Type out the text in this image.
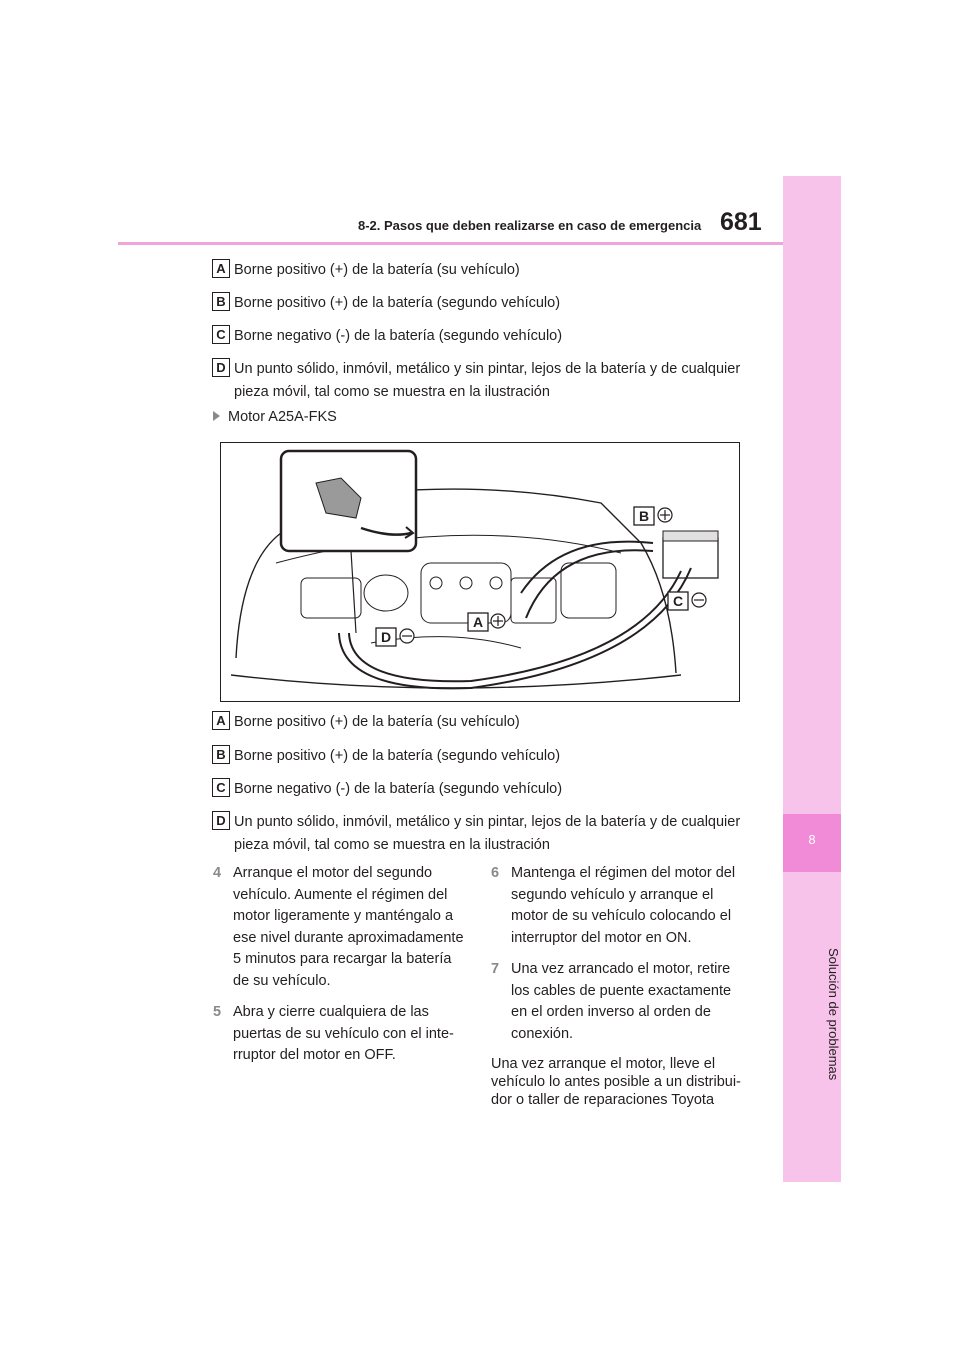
8-2. Pasos que deben realizarse en caso de emergencia 681
8
Solución de problemas
A Borne positivo (+) de la batería (su vehículo)
B Borne positivo (+) de la batería (segundo vehículo)
C Borne negativo (-) de la batería (segundo vehículo)
D Un punto sólido, inmóvil, metálico y sin pintar, lejos de la batería y de cualquier
pieza móvil, tal como se muestra en la ilustración
Motor A25A-FKS
B
C
A
D
A Borne positivo (+) de la batería (su vehículo)
B Borne positivo (+) de la batería (segundo vehículo)
C Borne negativo (-) de la batería (segundo vehículo)
D Un punto sólido, inmóvil, metálico y sin pintar, lejos de la batería y de cualquier
pieza móvil, tal como se muestra en la ilustración
4 Arranque el motor del segundo
vehículo. Aumente el régimen del
motor ligeramente y manténgalo a
ese nivel durante aproximadamente
5 minutos para recargar la batería
de su vehículo.
5 Abra y cierre cualquiera de las
puertas de su vehículo con el inte-
rruptor del motor en OFF.
6 Mantenga el régimen del motor del
segundo vehículo y arranque el
motor de su vehículo colocando el
interruptor del motor en ON.
7 Una vez arrancado el motor, retire
los cables de puente exactamente
en el orden inverso al orden de
conexión.
Una vez arranque el motor, lleve el
vehículo lo antes posible a un distribui-
dor o taller de reparaciones Toyota
